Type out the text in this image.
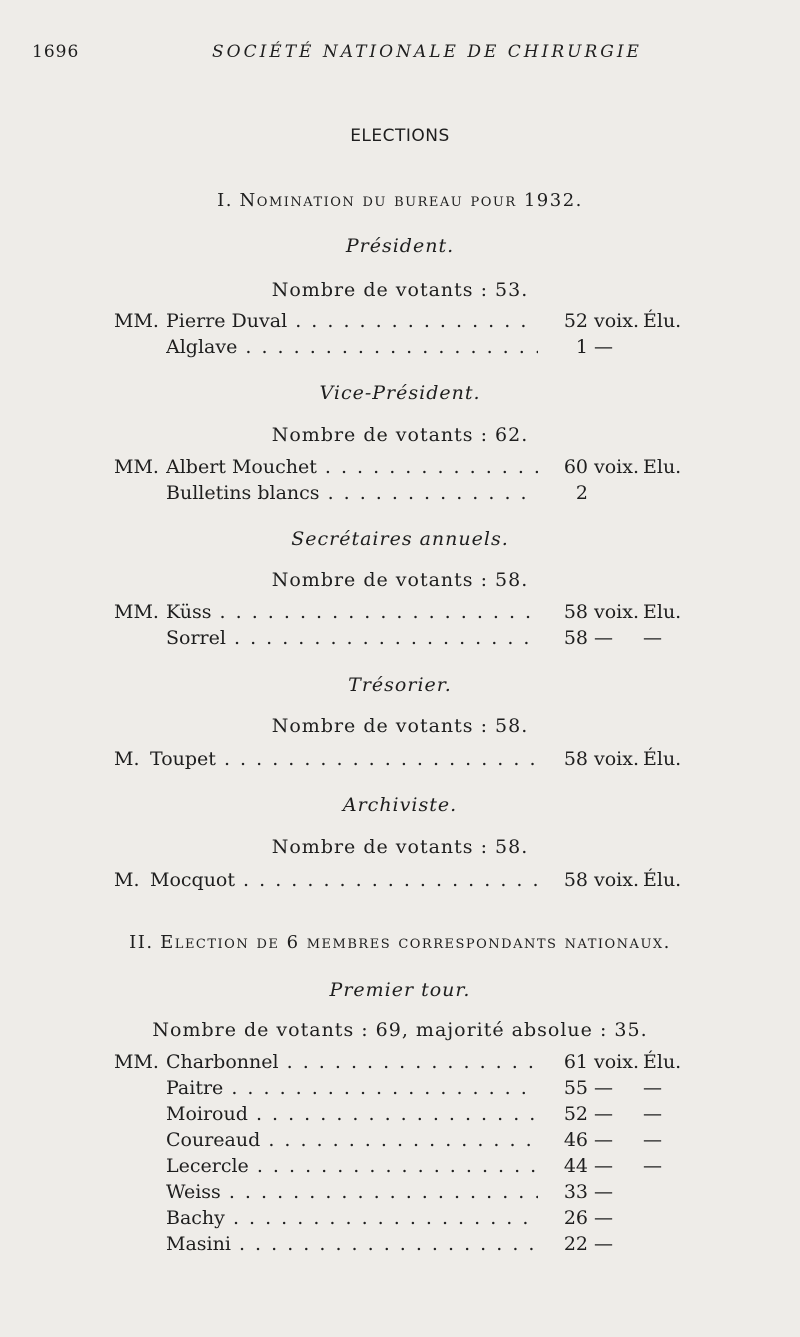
1696	SOCIÉTÉ NATIONALE DE CHIRURGIE
ELECTIONS
I. Nomination du bureau pour 1932.
Président.
Nombre de votants : 53.
MM. Pierre Duval . . .	52 voix. Élu.
Alglave . . .	1 —
Vice-Président.
Nombre de votants : 62.
MM. Albert Mouchet . . .	60 voix. Elu.
Bulletins blancs . . .	2
Secrétaires annuels.
Nombre de votants : 58.
MM. Küss . . .	58 voix. Elu.
Sorrel . . .	58 — —
Trésorier.
Nombre de votants : 58.
M. Toupet . . .	58 voix. Élu.
Archiviste.
Nombre de votants : 58.
M. Mocquot . . .	58 voix. Élu.
II. Election de 6 membres correspondants nationaux.
Premier tour.
Nombre de votants : 69, majorité absolue : 35.
MM. Charbonnel . . .	61 voix. Élu.
Paitre . . .	55 — —
Moiroud . . .	52 — —
Coureaud . . .	46 — —
Lecercle . . .	44 — —
Weiss . . .	33 —
Bachy . . .	26 —
Masini . . .	22 —
